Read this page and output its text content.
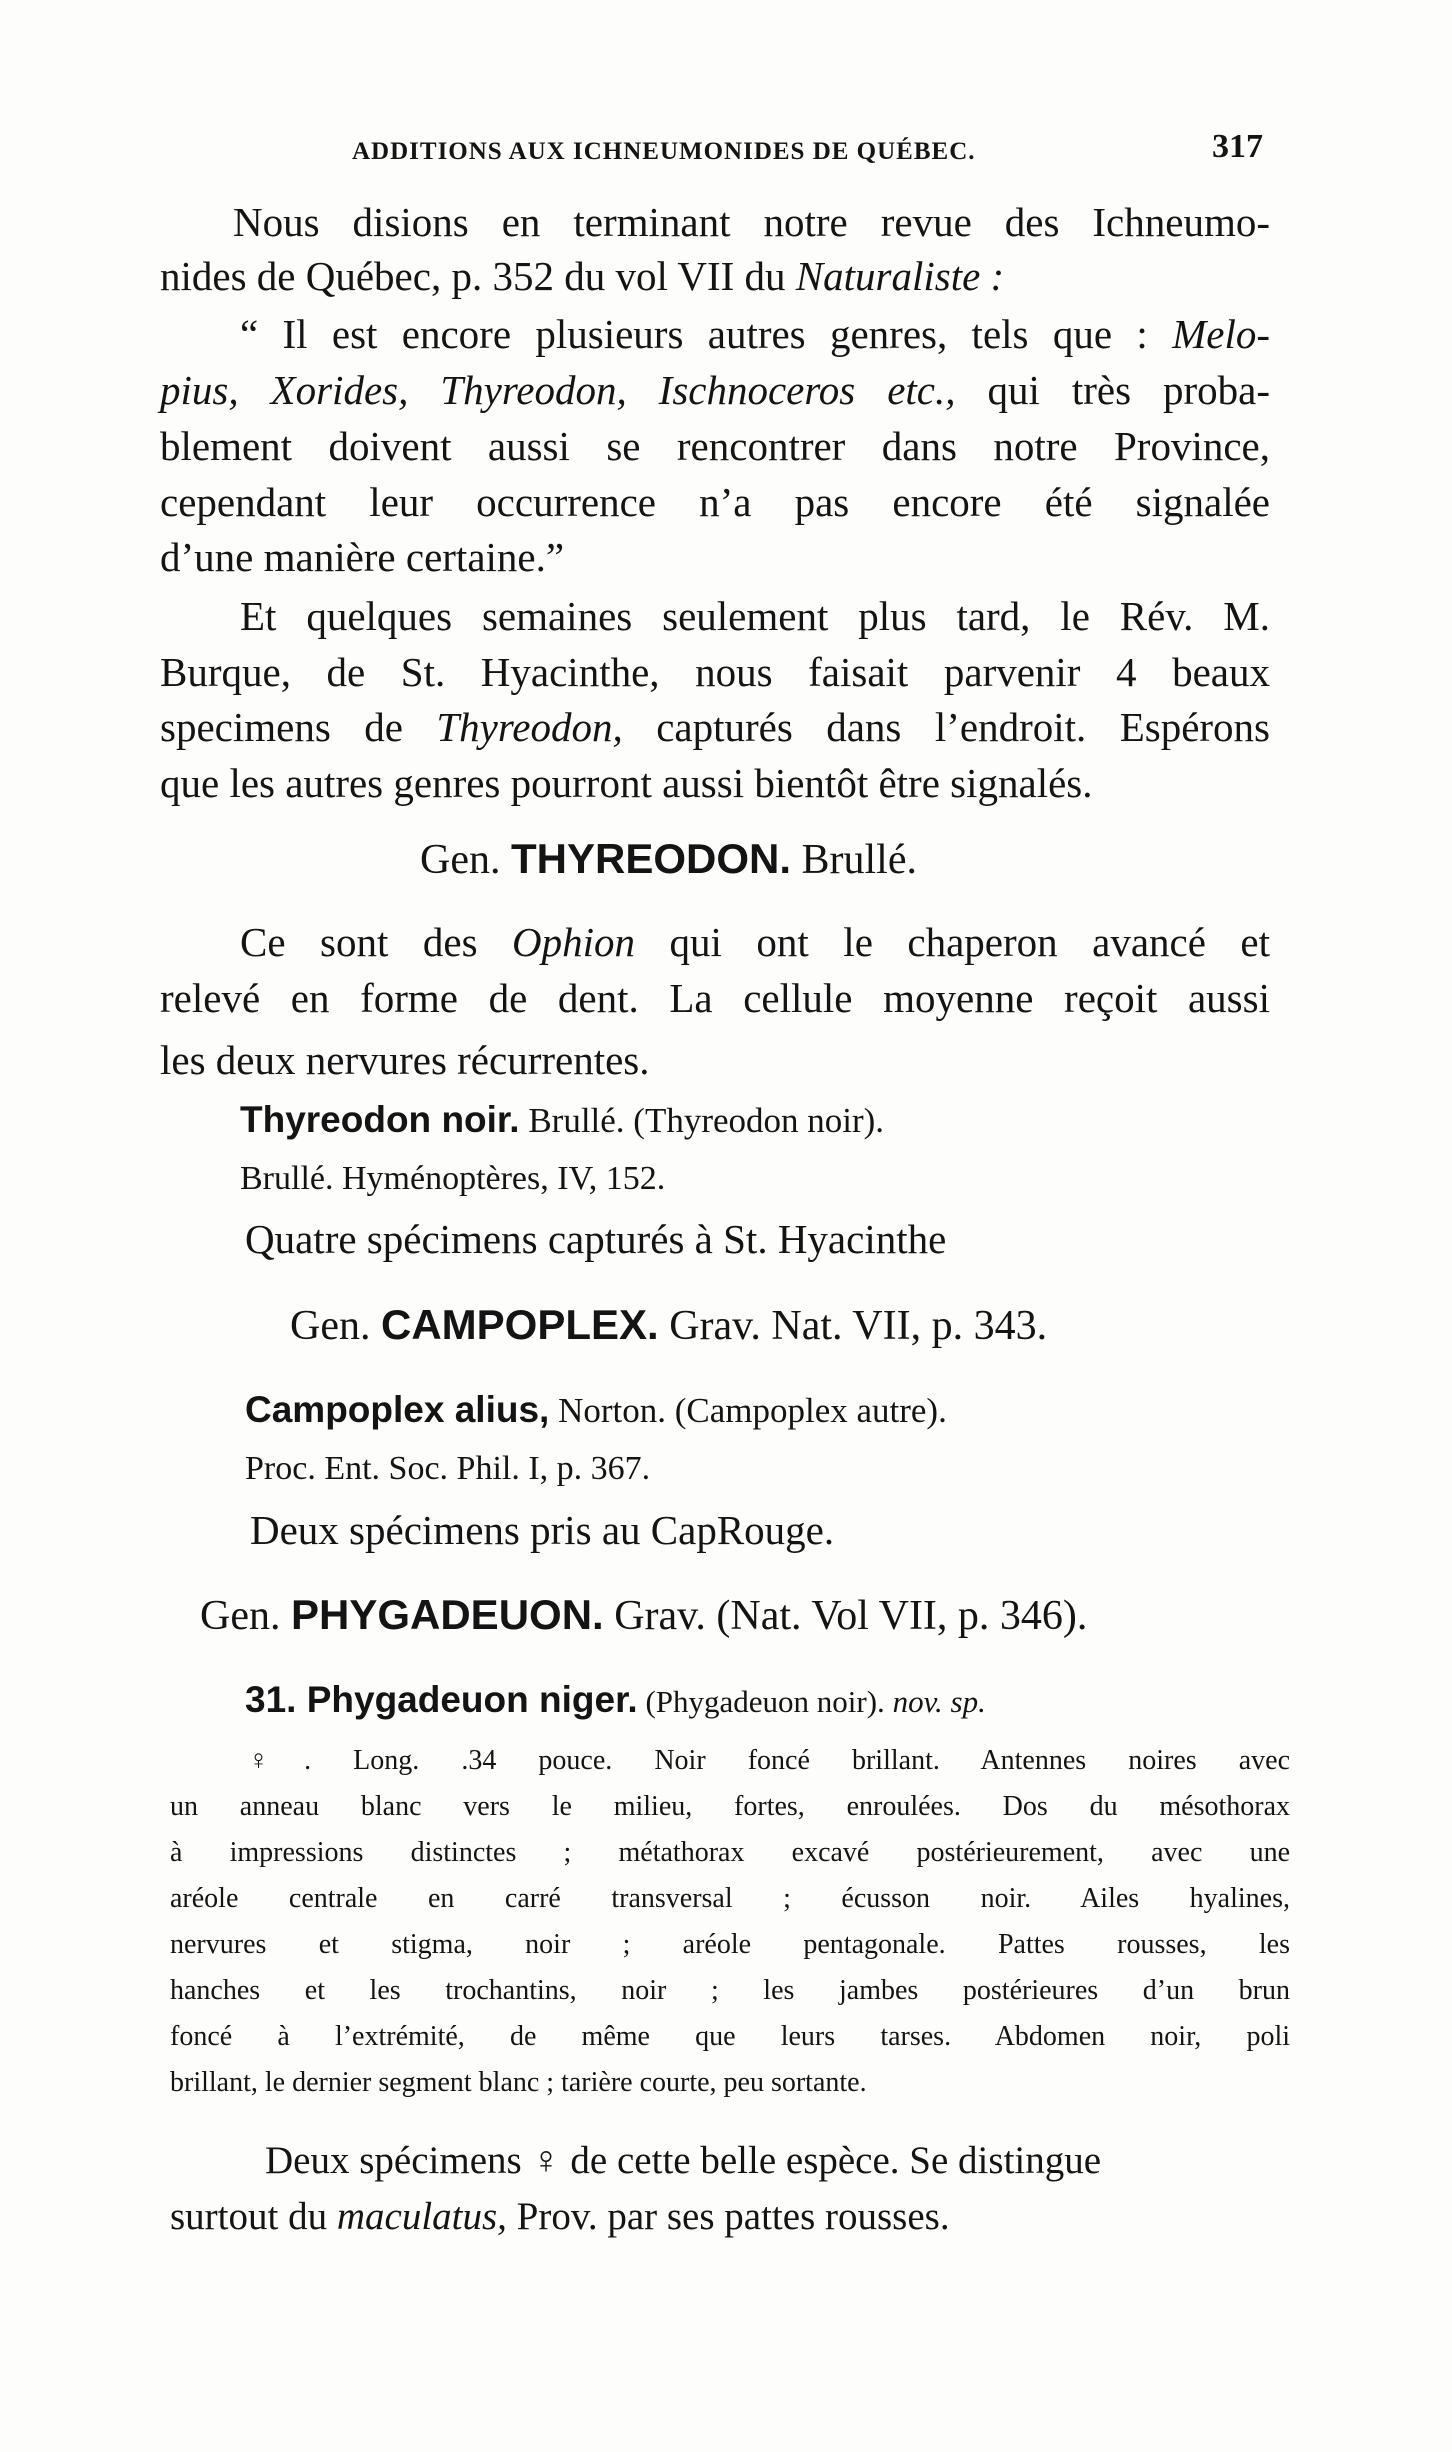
ADDITIONS AUX ICHNEUMONIDES DE QUÉBEC.	317
Nous disions en terminant notre revue des Ichneumo-
nides de Québec, p. 352 du vol VII du Naturaliste :
“ Il est encore plusieurs autres genres, tels que : Melo-
pius, Xorides, Thyreodon, Ischnoceros etc., qui très proba-
blement doivent aussi se rencontrer dans notre Province,
cependant leur occurrence n’a pas encore été signalée
d’une manière certaine.”
Et quelques semaines seulement plus tard, le Rév. M.
Burque, de St. Hyacinthe, nous faisait parvenir 4 beaux
specimens de Thyreodon, capturés dans l’endroit. Espérons
que les autres genres pourront aussi bientôt être signalés.
Gen. THYREODON. Brullé.
Ce sont des Ophion qui ont le chaperon avancé et
relevé en forme de dent. La cellule moyenne reçoit aussi
les deux nervures récurrentes.
Thyreodon noir. Brullé. (Thyreodon noir).
Brullé. Hyménoptères, IV, 152.
Quatre spécimens capturés à St. Hyacinthe
Gen. CAMPOPLEX. Grav. Nat. VII, p. 343.
Campoplex alius, Norton. (Campoplex autre).
Proc. Ent. Soc. Phil. I, p. 367.
Deux spécimens pris au CapRouge.
Gen. PHYGADEUON. Grav. (Nat. Vol VII, p. 346).
31. Phygadeuon niger. (Phygadeuon noir). nov. sp.
♀. Long. .34 pouce. Noir foncé brillant. Antennes noires avec
un anneau blanc vers le milieu, fortes, enroulées. Dos du mésothorax
à impressions distinctes ; métathorax excavé postérieurement, avec une
aréole centrale en carré transversal ; écusson noir. Ailes hyalines,
nervures et stigma, noir ; aréole pentagonale. Pattes rousses, les
hanches et les trochantins, noir ; les jambes postérieures d’un brun
foncé à l’extrémité, de même que leurs tarses. Abdomen noir, poli
brillant, le dernier segment blanc ; tarière courte, peu sortante.
Deux spécimens ♀ de cette belle espèce. Se distingue
surtout du maculatus, Prov. par ses pattes rousses.
